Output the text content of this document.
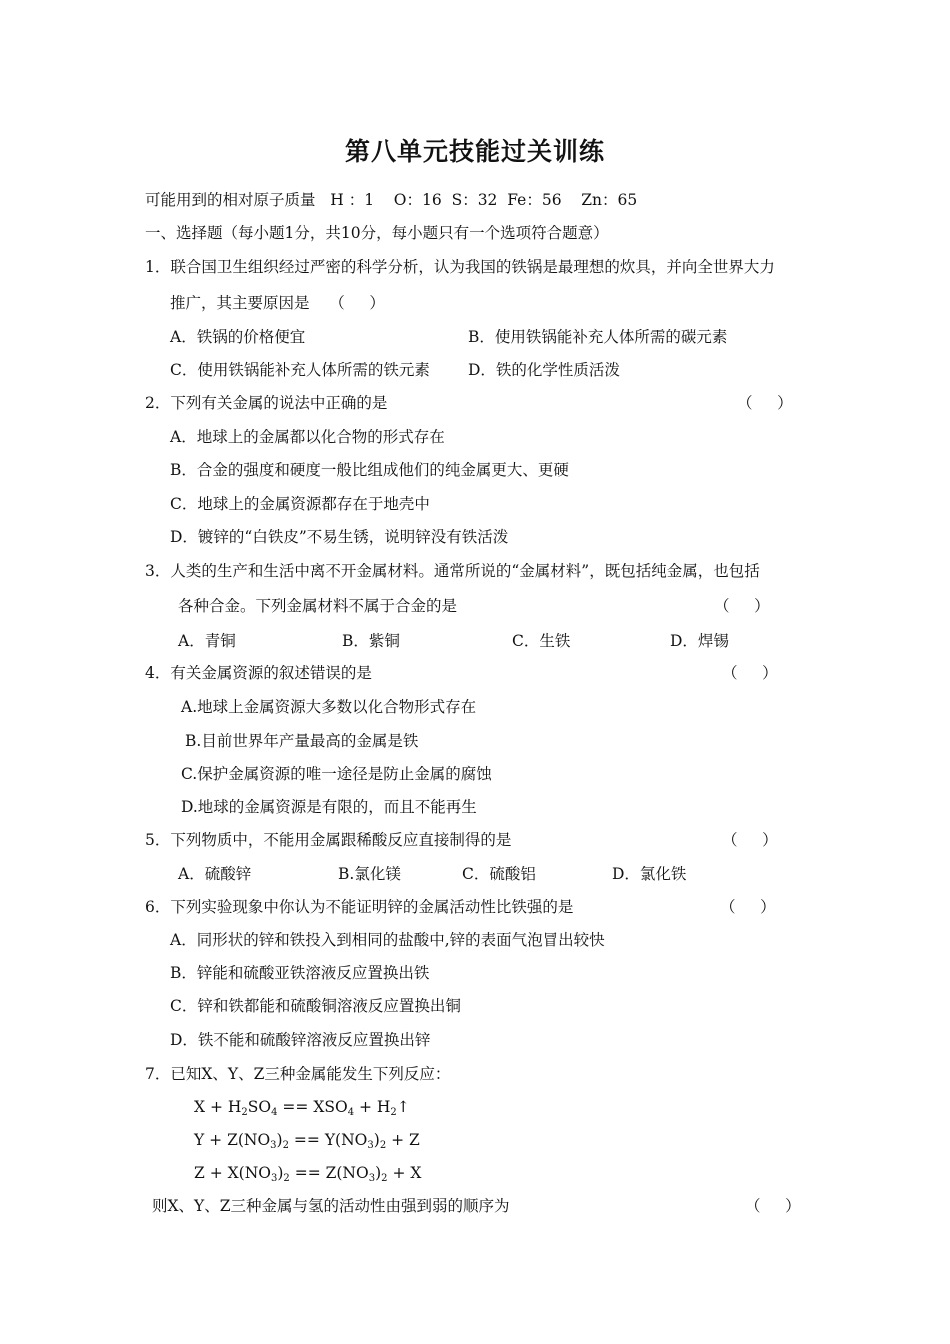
第八单元技能过关训练
可能用到的相对原子质量   H ：1    O：16  S：32  Fe：56    Zn：65
一、选择题（每小题1分，共10分，每小题只有一个选项符合题意）
1．联合国卫生组织经过严密的科学分析，认为我国的铁锅是最理想的炊具，并向全世界大力
推广，其主要原因是    （     ）
A．铁锅的价格便宜	B．使用铁锅能补充人体所需的碳元素
C．使用铁锅能补充人体所需的铁元素 D．铁的化学性质活泼
2．下列有关金属的说法中正确的是	（     ）
A．地球上的金属都以化合物的形式存在
B．合金的强度和硬度一般比组成他们的纯金属更大、更硬
C．地球上的金属资源都存在于地壳中
D．镀锌的“白铁皮”不易生锈，说明锌没有铁活泼
3．人类的生产和生活中离不开金属材料。通常所说的“金属材料”，既包括纯金属，也包括
各种合金。下列金属材料不属于合金的是	（     ）
A．青铜	B．紫铜	C．生铁	D．焊锡
4．有关金属资源的叙述错误的是	（     ）
A.地球上金属资源大多数以化合物形式存在
B.目前世界年产量最高的金属是铁
C.保护金属资源的唯一途径是防止金属的腐蚀
D.地球的金属资源是有限的，而且不能再生
5．下列物质中，不能用金属跟稀酸反应直接制得的是	（     ）
A．硫酸锌	B.氯化镁	C．硫酸铝	D．氯化铁
6．下列实验现象中你认为不能证明锌的金属活动性比铁强的是	（     ）
A．同形状的锌和铁投入到相同的盐酸中,锌的表面气泡冒出较快
B．锌能和硫酸亚铁溶液反应置换出铁
C．锌和铁都能和硫酸铜溶液反应置换出铜
D．铁不能和硫酸锌溶液反应置换出锌
7．已知X、Y、Z三种金属能发生下列反应：
$X + H_2SO_4 == XSO_4$ + $H_2↑$
$Y + Z(NO_3)_2 == Y(NO_3)_2 + Z$
$Z + X(NO_3)_2 == Z(NO_3)_2 + X$
则X、Y、Z三种金属与氢的活动性由强到弱的顺序为	（     ）
